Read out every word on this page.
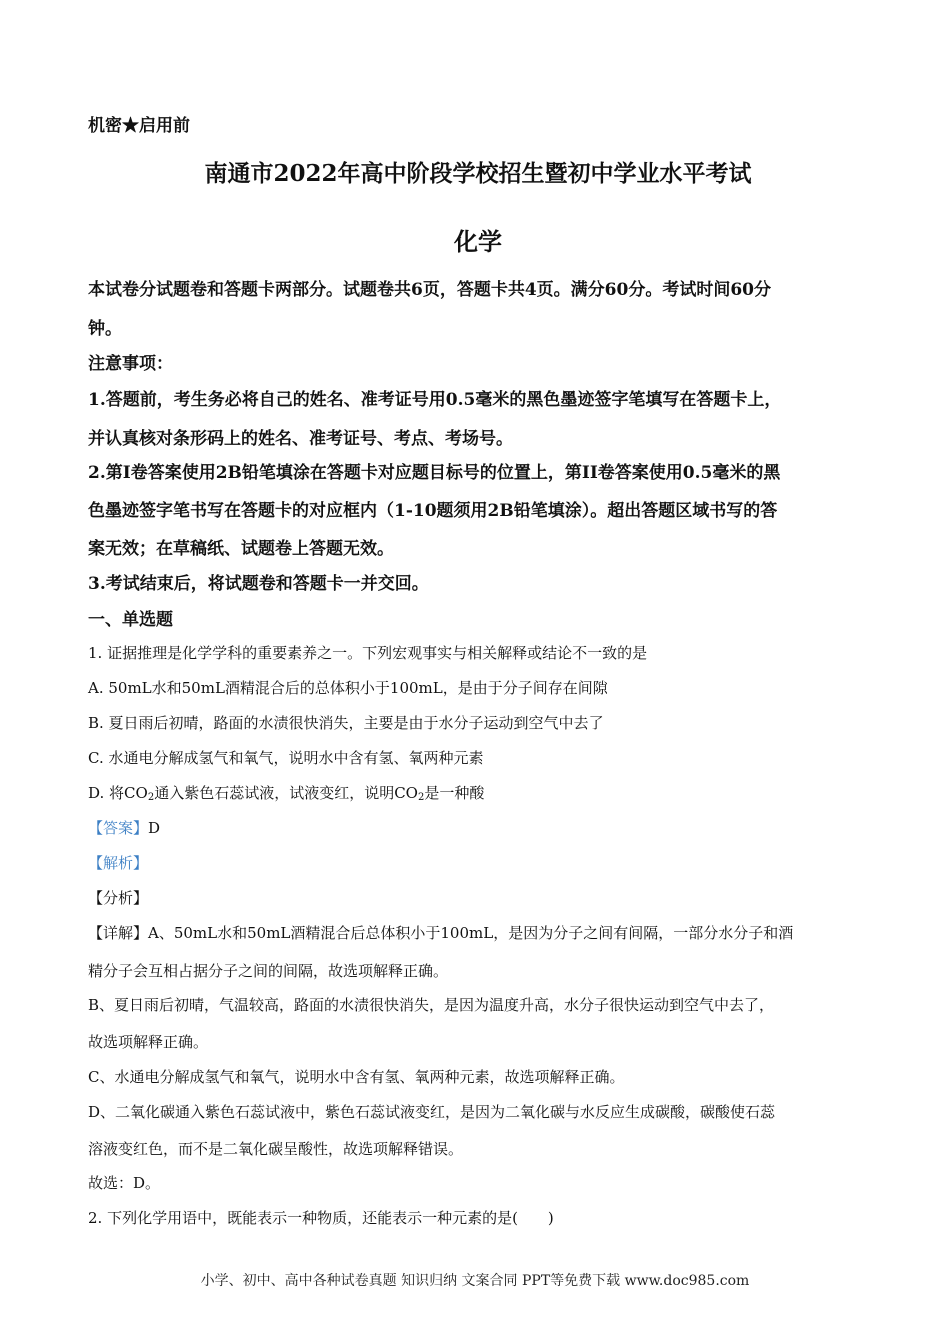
机密★启用前
南通市2022年高中阶段学校招生暨初中学业水平考试
化学
本试卷分试题卷和答题卡两部分。试题卷共6页，答题卡共4页。满分60分。考试时间60分
钟。
注意事项：
1.答题前，考生务必将自己的姓名、准考证号用0.5毫米的黑色墨迹签字笔填写在答题卡上，
并认真核对条形码上的姓名、准考证号、考点、考场号。
2.第I卷答案使用2B铅笔填涂在答题卡对应题目标号的位置上，第II卷答案使用0.5毫米的黑
色墨迹签字笔书写在答题卡的对应框内（1-10题须用2B铅笔填涂）。超出答题区域书写的答
案无效；在草稿纸、试题卷上答题无效。
3.考试结束后，将试题卷和答题卡一并交回。
一、单选题
1. 证据推理是化学学科的重要素养之一。下列宏观事实与相关解释或结论不一致的是
A. 50mL水和50mL酒精混合后的总体积小于100mL，是由于分子间存在间隙
B. 夏日雨后初晴，路面的水渍很快消失，主要是由于水分子运动到空气中去了
C. 水通电分解成氢气和氧气，说明水中含有氢、氧两种元素
D. 将$CO_2$通入紫色石蕊试液，试液变红，说明$CO_2$是一种酸
【答案】D
【解析】
【分析】
【详解】A、50mL水和50mL酒精混合后总体积小于100mL，是因为分子之间有间隔，一部分水分子和酒
精分子会互相占据分子之间的间隔，故选项解释正确。
B、夏日雨后初晴，气温较高，路面的水渍很快消失，是因为温度升高，水分子很快运动到空气中去了，
故选项解释正确。
C、水通电分解成氢气和氧气，说明水中含有氢、氧两种元素，故选项解释正确。
D、二氧化碳通入紫色石蕊试液中，紫色石蕊试液变红，是因为二氧化碳与水反应生成碳酸，碳酸使石蕊
溶液变红色，而不是二氧化碳呈酸性，故选项解释错误。
故选：D。
2. 下列化学用语中，既能表示一种物质，还能表示一种元素的是(　　)
小学、初中、高中各种试卷真题 知识归纳 文案合同 PPT等免费下载 www.doc985.com
